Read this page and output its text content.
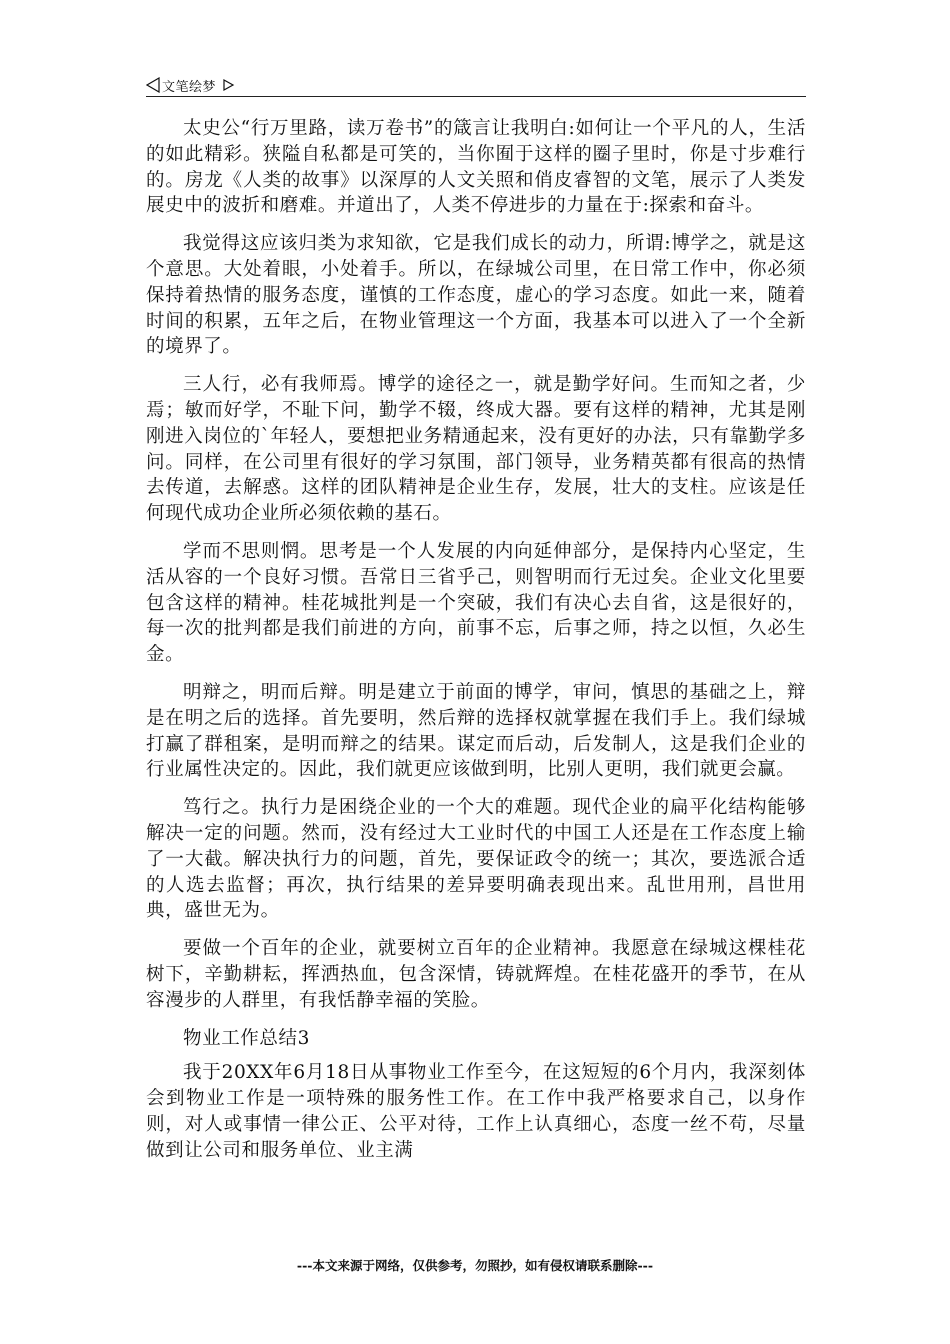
文笔绘梦

太史公“行万里路，读万卷书”的箴言让我明白:如何让一个平凡的人，生活的如此精彩。狭隘自私都是可笑的，当你囿于这样的圈子里时，你是寸步难行的。房龙《人类的故事》以深厚的人文关照和俏皮睿智的文笔，展示了人类发展史中的波折和磨难。并道出了，人类不停进步的力量在于:探索和奋斗。

我觉得这应该归类为求知欲，它是我们成长的动力，所谓:博学之，就是这个意思。大处着眼，小处着手。所以，在绿城公司里，在日常工作中，你必须保持着热情的服务态度，谨慎的工作态度，虚心的学习态度。如此一来，随着时间的积累，五年之后，在物业管理这一个方面，我基本可以进入了一个全新的境界了。

三人行，必有我师焉。博学的途径之一，就是勤学好问。生而知之者，少焉；敏而好学，不耻下问，勤学不辍，终成大器。要有这样的精神，尤其是刚刚进入岗位的`年轻人，要想把业务精通起来，没有更好的办法，只有靠勤学多问。同样，在公司里有很好的学习氛围，部门领导，业务精英都有很高的热情去传道，去解惑。这样的团队精神是企业生存，发展，壮大的支柱。应该是任何现代成功企业所必须依赖的基石。

学而不思则惘。思考是一个人发展的内向延伸部分，是保持内心坚定，生活从容的一个良好习惯。吾常日三省乎己，则智明而行无过矣。企业文化里要包含这样的精神。桂花城批判是一个突破，我们有决心去自省，这是很好的，每一次的批判都是我们前进的方向，前事不忘，后事之师，持之以恒，久必生金。

明辩之，明而后辩。明是建立于前面的博学，审问，慎思的基础之上，辩是在明之后的选择。首先要明，然后辩的选择权就掌握在我们手上。我们绿城打赢了群租案，是明而辩之的结果。谋定而后动，后发制人，这是我们企业的行业属性决定的。因此，我们就更应该做到明，比别人更明，我们就更会赢。

笃行之。执行力是困绕企业的一个大的难题。现代企业的扁平化结构能够解决一定的问题。然而，没有经过大工业时代的中国工人还是在工作态度上输了一大截。解决执行力的问题，首先，要保证政令的统一；其次，要选派合适的人选去监督；再次，执行结果的差异要明确表现出来。乱世用刑，昌世用典，盛世无为。

要做一个百年的企业，就要树立百年的企业精神。我愿意在绿城这棵桂花树下，辛勤耕耘，挥洒热血，包含深情，铸就辉煌。在桂花盛开的季节，在从容漫步的人群里，有我恬静幸福的笑脸。

物业工作总结3

我于20XX年6月18日从事物业工作至今，在这短短的6个月内，我深刻体会到物业工作是一项特殊的服务性工作。在工作中我严格要求自己，以身作则，对人或事情一律公正、公平对待，工作上认真细心，态度一丝不苟，尽量做到让公司和服务单位、业主满

---本文来源于网络，仅供参考，勿照抄，如有侵权请联系删除---
